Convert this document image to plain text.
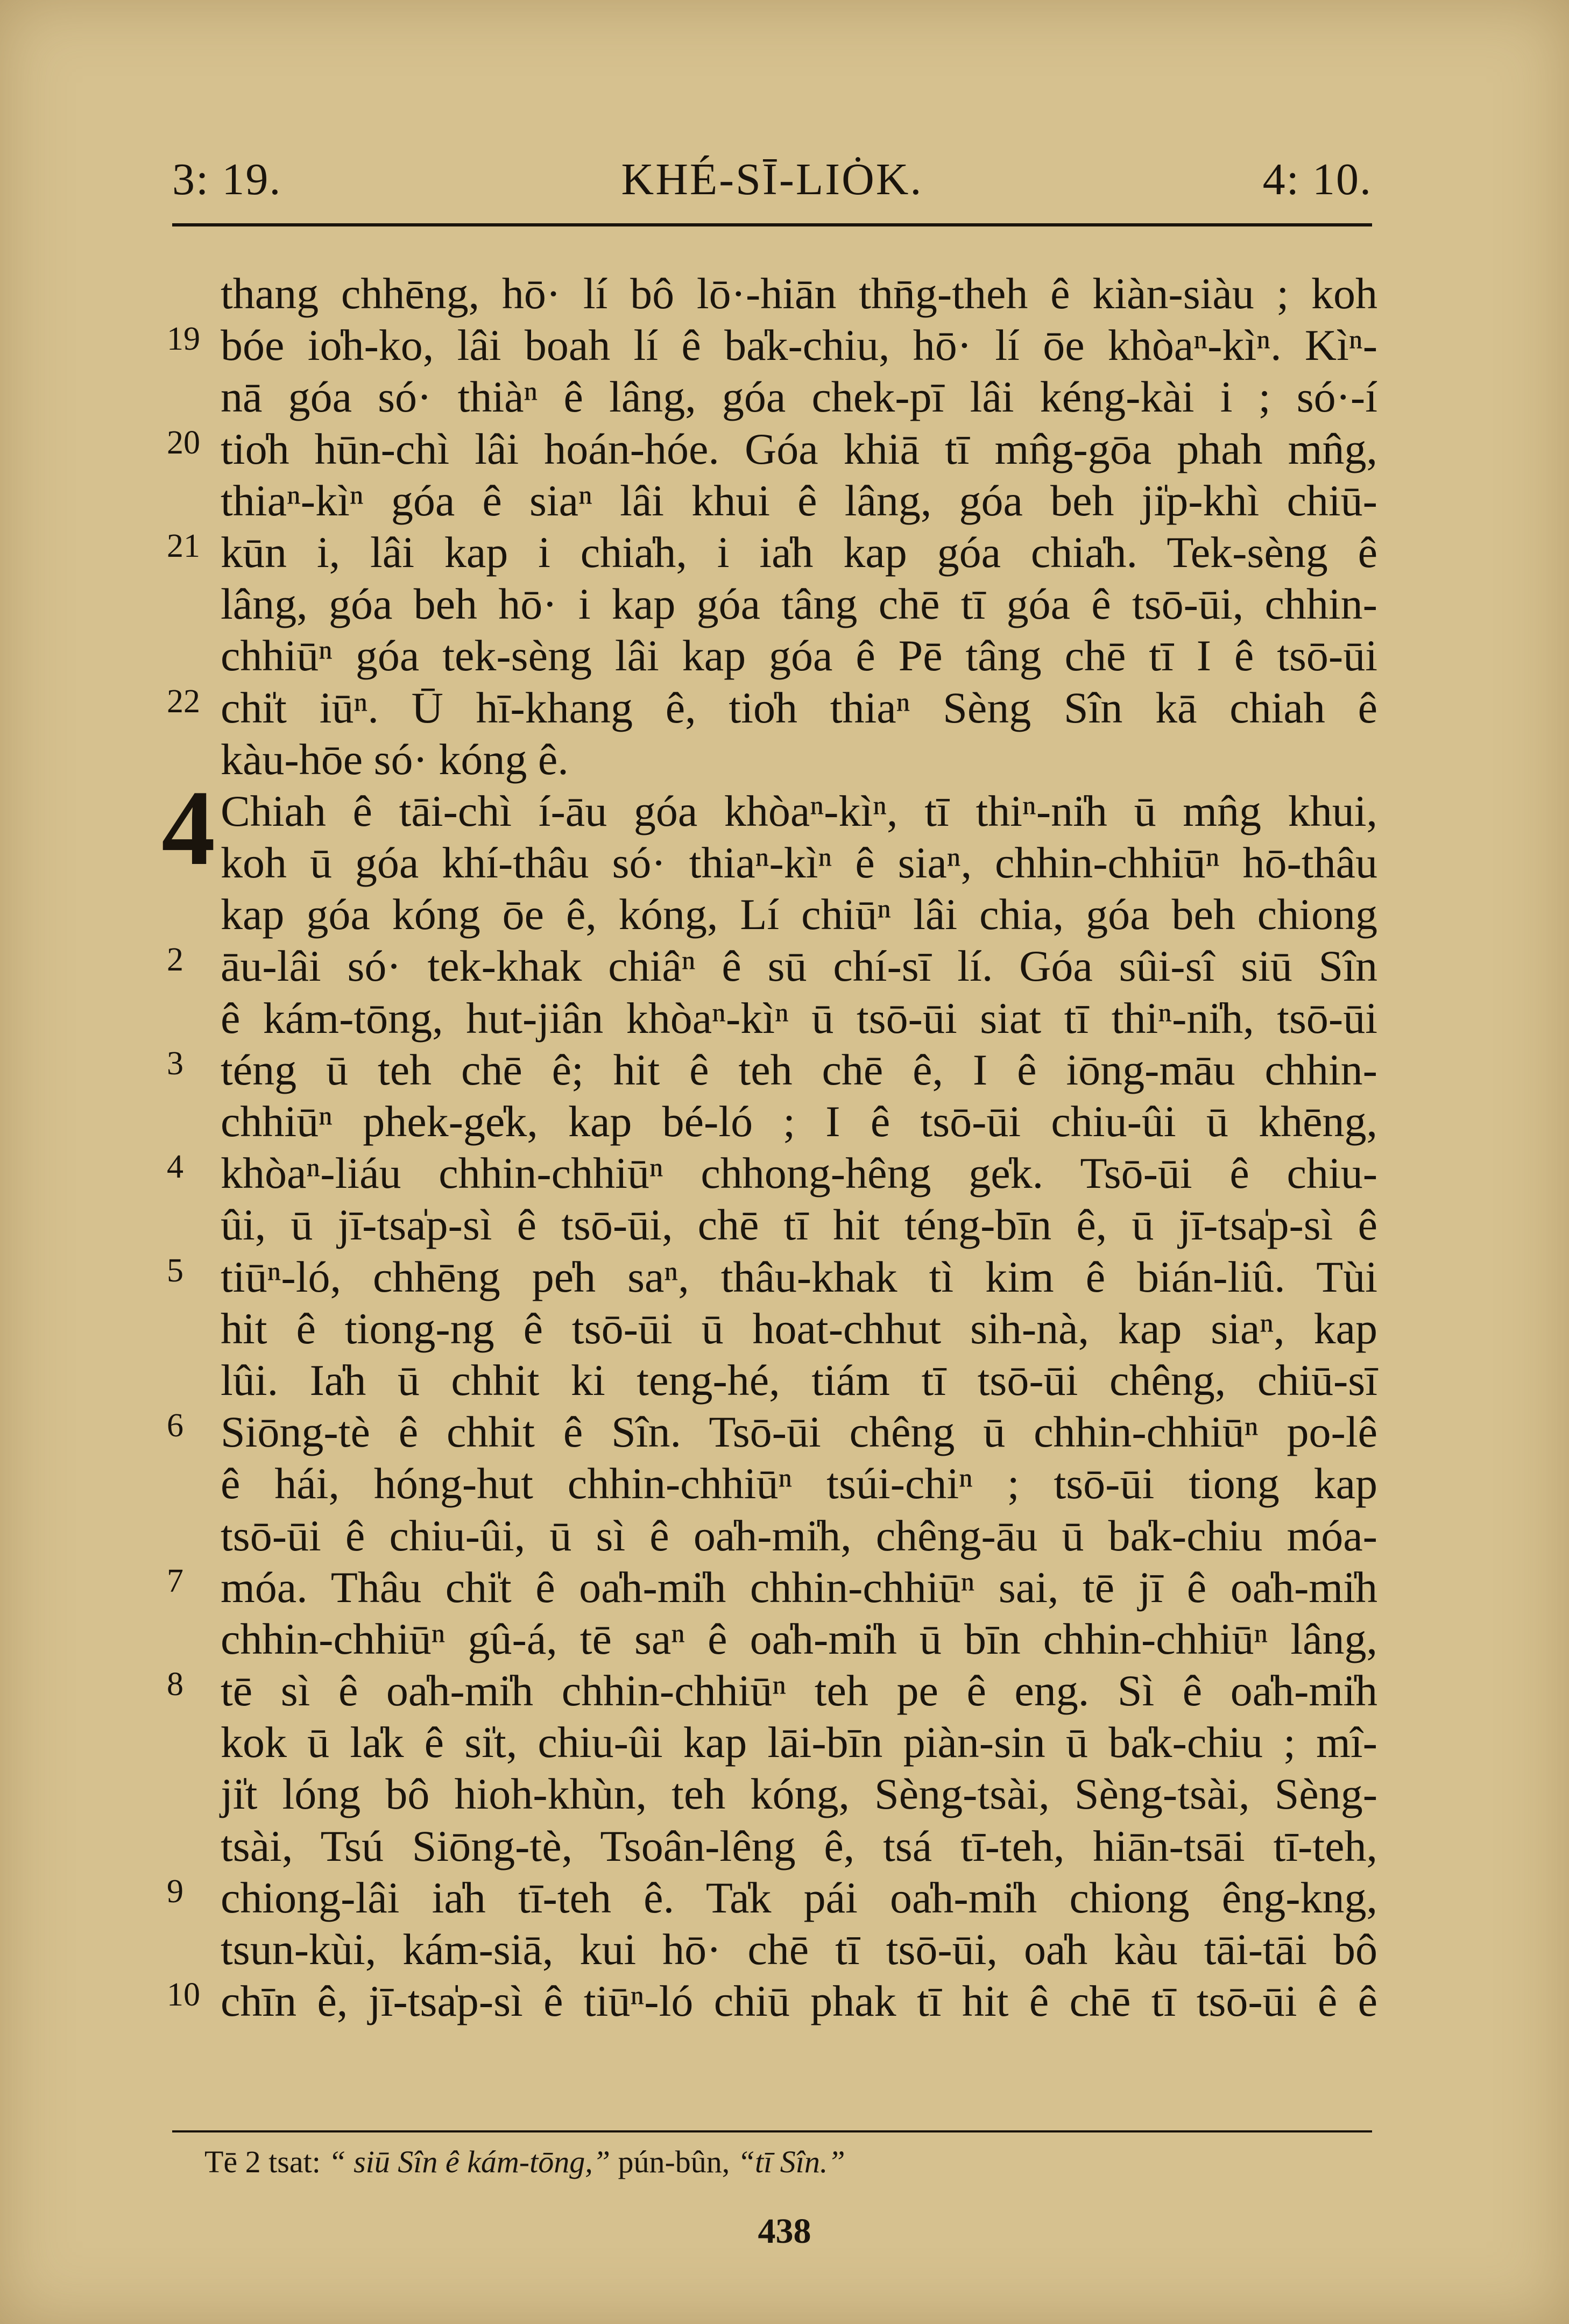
3: 19.	KHÉ-SĪ-LIȮK.	4: 10.
thang chhēng, hō· lí bô lō·-hiān thn̄g-theh ê kiàn-siàu ; koh
19 bóe io̍h-ko, lâi boah lí ê ba̍k-chiu, hō· lí ōe khòaⁿ-kìⁿ. Kìⁿ-
nā góa só· thiàⁿ ê lâng, góa chek-pī lâi kéng-kài i ; só·-í
20 tio̍h hūn-chì lâi hoán-hóe. Góa khiā tī mn̂g-gōa phah mn̂g,
thiaⁿ-kìⁿ góa ê siaⁿ lâi khui ê lâng, góa beh ji̍p-khì chiū-
21 kūn i, lâi kap i chia̍h, i ia̍h kap góa chia̍h. Tek-sèng ê
lâng, góa beh hō· i kap góa tâng chē tī góa ê tsō-ūi, chhin-
chhiūⁿ góa tek-sèng lâi kap góa ê Pē tâng chē tī I ê tsō-ūi
22 chi̍t iūⁿ. Ū hī-khang ê, tio̍h thiaⁿ Sèng Sîn kā chiah ê
kàu-hōe só· kóng ê.
4 Chiah ê tāi-chì í-āu góa khòaⁿ-kìⁿ, tī thiⁿ-ni̍h ū mn̂g khui,
koh ū góa khí-thâu só· thiaⁿ-kìⁿ ê siaⁿ, chhin-chhiūⁿ hō-thâu
kap góa kóng ōe ê, kóng, Lí chiūⁿ lâi chia, góa beh chiong
2 āu-lâi só· tek-khak chiâⁿ ê sū chí-sī lí. Góa sûi-sî siū Sîn
ê kám-tōng, hut-jiân khòaⁿ-kìⁿ ū tsō-ūi siat tī thiⁿ-ni̍h, tsō-ūi
3 téng ū teh chē ê; hit ê teh chē ê, I ê iōng-māu chhin-
chhiūⁿ phek-ge̍k, kap bé-ló ; I ê tsō-ūi chiu-ûi ū khēng,
4 khòaⁿ-liáu chhin-chhiūⁿ chhong-hêng ge̍k. Tsō-ūi ê chiu-
ûi, ū jī-tsa̍p-sì ê tsō-ūi, chē tī hit téng-bīn ê, ū jī-tsa̍p-sì ê
5 tiūⁿ-ló, chhēng pe̍h saⁿ, thâu-khak tì kim ê bián-liû. Tùi
hit ê tiong-ng ê tsō-ūi ū hoat-chhut sih-nà, kap siaⁿ, kap
lûi. Ia̍h ū chhit ki teng-hé, tiám tī tsō-ūi chêng, chiū-sī
6 Siōng-tè ê chhit ê Sîn. Tsō-ūi chêng ū chhin-chhiūⁿ po-lê
ê hái, hóng-hut chhin-chhiūⁿ tsúi-chiⁿ ; tsō-ūi tiong kap
tsō-ūi ê chiu-ûi, ū sì ê oa̍h-mi̍h, chêng-āu ū ba̍k-chiu móa-
7 móa. Thâu chi̍t ê oa̍h-mi̍h chhin-chhiūⁿ sai, tē jī ê oa̍h-mi̍h
chhin-chhiūⁿ gû-á, tē saⁿ ê oa̍h-mi̍h ū bīn chhin-chhiūⁿ lâng,
8 tē sì ê oa̍h-mi̍h chhin-chhiūⁿ teh pe ê eng. Sì ê oa̍h-mi̍h
kok ū la̍k ê si̍t, chiu-ûi kap lāi-bīn piàn-sin ū ba̍k-chiu ; mî-
ji̍t lóng bô hioh-khùn, teh kóng, Sèng-tsài, Sèng-tsài, Sèng-
tsài, Tsú Siōng-tè, Tsoân-lêng ê, tsá tī-teh, hiān-tsāi tī-teh,
9 chiong-lâi ia̍h tī-teh ê. Ta̍k pái oa̍h-mi̍h chiong êng-kng,
tsun-kùi, kám-siā, kui hō· chē tī tsō-ūi, oa̍h kàu tāi-tāi bô
10 chīn ê, jī-tsa̍p-sì ê tiūⁿ-ló chiū phak tī hit ê chē tī tsō-ūi ê ê
Tē 2 tsat: “ siū Sîn ê kám-tōng,” pún-bûn, “tī Sîn.”
438
